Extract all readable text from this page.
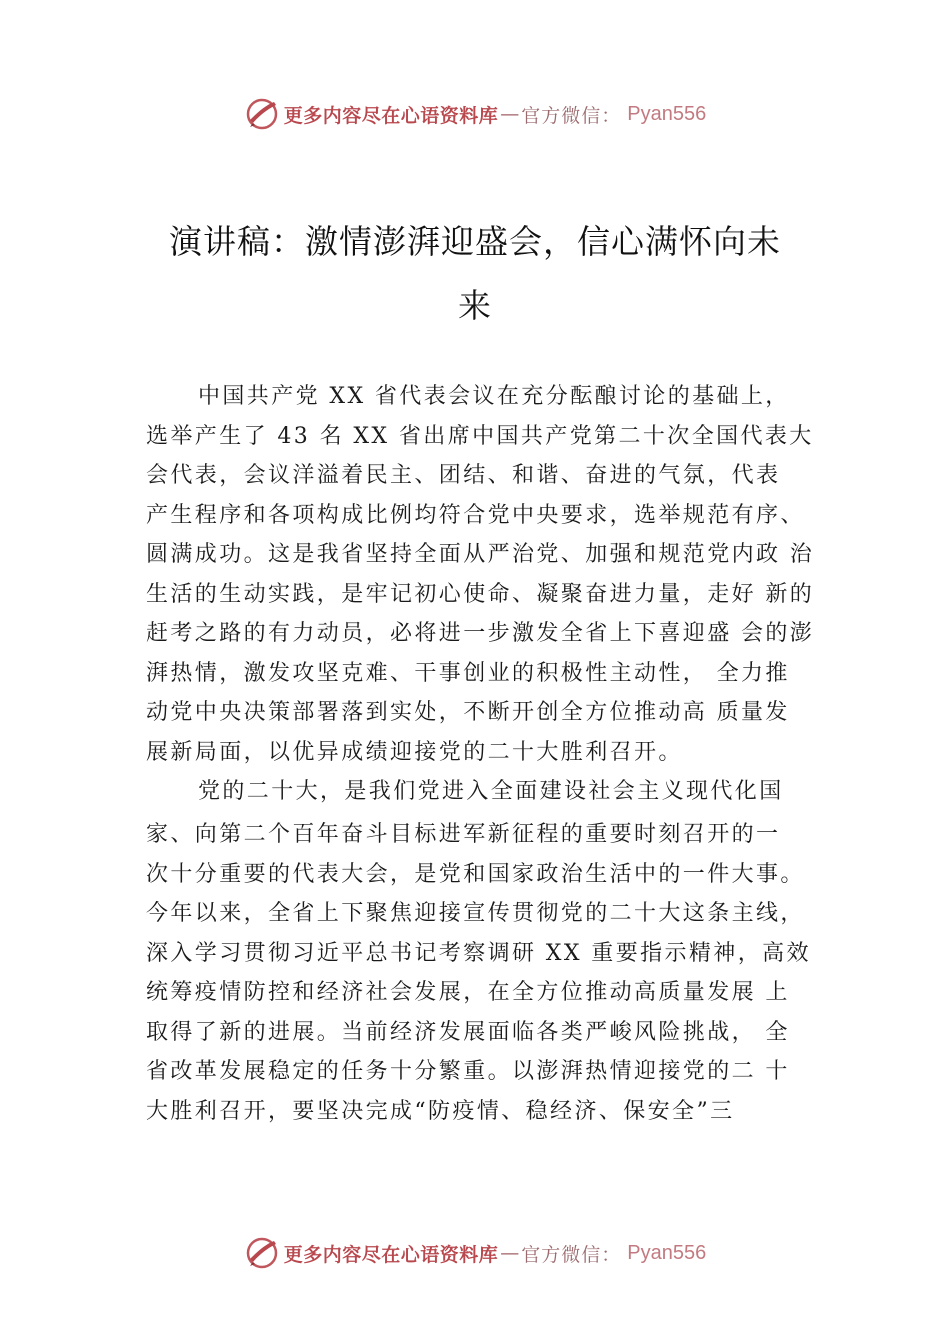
更多内容尽在心语资料库 — 官方微信： Pyan556
演讲稿：激情澎湃迎盛会，信心满怀向未
来
中国共产党 XX 省代表会议在充分酝酿讨论的基础上，
选举产生了 43 名 XX 省出席中国共产党第二十次全国代表大
会代表，会议洋溢着民主、团结、和谐、奋进的气氛，代表
产生程序和各项构成比例均符合党中央要求，选举规范有序、
圆满成功。这是我省坚持全面从严治党、加强和规范党内政 治
生活的生动实践，是牢记初心使命、凝聚奋进力量，走好 新的
赶考之路的有力动员，必将进一步激发全省上下喜迎盛 会的澎
湃热情，激发攻坚克难、干事创业的积极性主动性， 全力推
动党中央决策部署落到实处，不断开创全方位推动高 质量发
展新局面，以优异成绩迎接党的二十大胜利召开。
党的二十大，是我们党进入全面建设社会主义现代化国
家、向第二个百年奋斗目标进军新征程的重要时刻召开的一
次十分重要的代表大会，是党和国家政治生活中的一件大事。
今年以来，全省上下聚焦迎接宣传贯彻党的二十大这条主线，
深入学习贯彻习近平总书记考察调研 XX 重要指示精神，高效
统筹疫情防控和经济社会发展，在全方位推动高质量发展 上
取得了新的进展。当前经济发展面临各类严峻风险挑战， 全
省改革发展稳定的任务十分繁重。以澎湃热情迎接党的二 十
大胜利召开，要坚决完成“防疫情、稳经济、保安全”三
更多内容尽在心语资料库 — 官方微信： Pyan556
